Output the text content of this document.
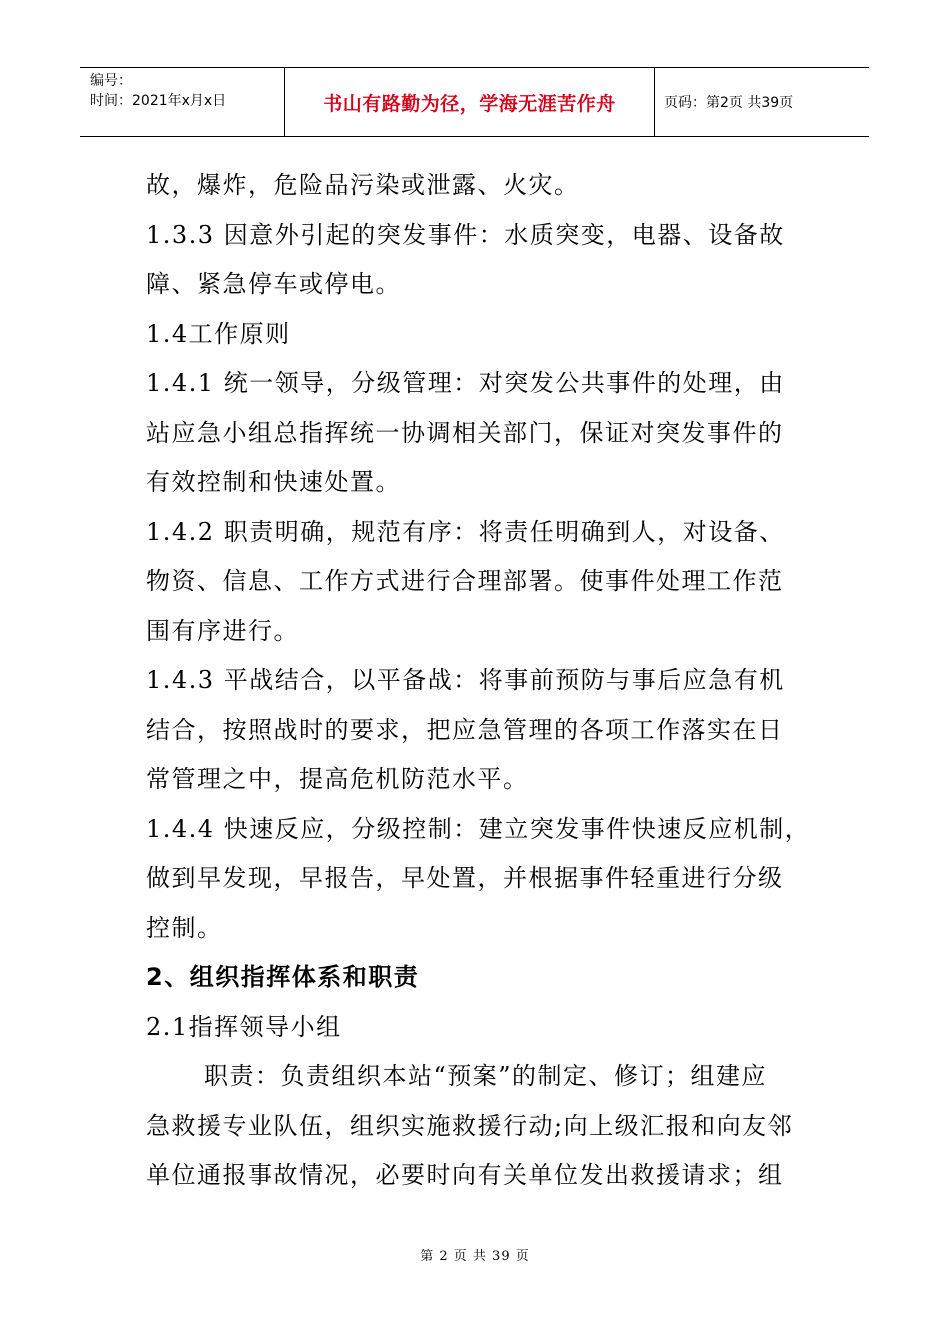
编号：
时间：2021年x月x日	书山有路勤为径，学海无涯苦作舟	页码：第2页 共39页

故，爆炸，危险品污染或泄露、火灾。

1.3.3 因意外引起的突发事件：水质突变，电器、设备故

障、紧急停车或停电。

1.4工作原则

1.4.1 统一领导，分级管理：对突发公共事件的处理，由

站应急小组总指挥统一协调相关部门，保证对突发事件的

有效控制和快速处置。

1.4.2 职责明确，规范有序：将责任明确到人，对设备、

物资、信息、工作方式进行合理部署。使事件处理工作范

围有序进行。

1.4.3 平战结合，以平备战：将事前预防与事后应急有机

结合，按照战时的要求，把应急管理的各项工作落实在日

常管理之中，提高危机防范水平。

1.4.4 快速反应，分级控制：建立突发事件快速反应机制，

做到早发现，早报告，早处置，并根据事件轻重进行分级

控制。

2、组织指挥体系和职责

2.1指挥领导小组

职责：负责组织本站“预案”的制定、修订；组建应

急救援专业队伍，组织实施救援行动;向上级汇报和向友邻

单位通报事故情况，必要时向有关单位发出救援请求；组

第 2 页 共 39 页
